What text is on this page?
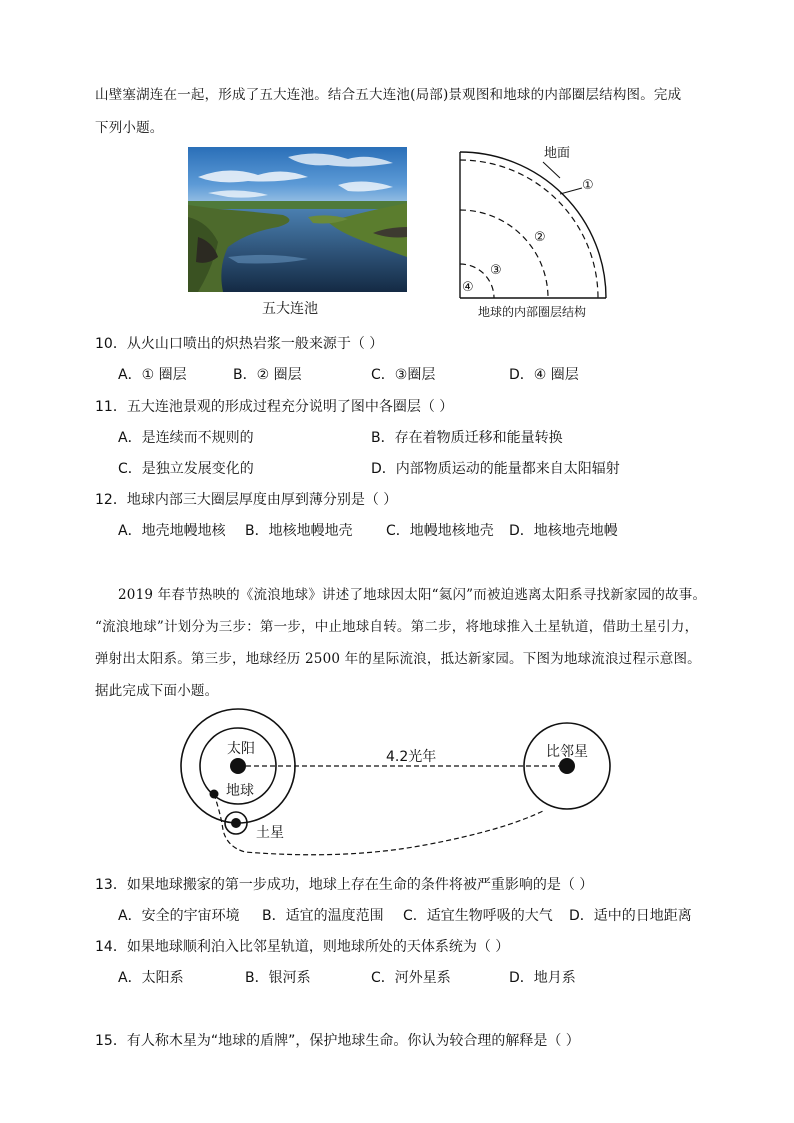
山壁塞湖连在一起，形成了五大连池。结合五大连池(局部)景观图和地球的内部圈层结构图。完成
下列小题。
五大连池
地面
①
②
③
④
地球的内部圈层结构
10．从火山口喷出的炽热岩浆一般来源于（ ）
A．① 圈层	B．② 圈层	C．③圈层	D．④ 圈层
11．五大连池景观的形成过程充分说明了图中各圈层（ ）
A．是连续而不规则的	B．存在着物质迁移和能量转换
C．是独立发展变化的	D．内部物质运动的能量都来自太阳辐射
12．地球内部三大圈层厚度由厚到薄分别是（ ）
A．地壳地幔地核 B．地核地幔地壳 C．地幔地核地壳 D．地核地壳地幔
2019 年春节热映的《流浪地球》讲述了地球因太阳“氦闪”而被迫逃离太阳系寻找新家园的故事。
“流浪地球”计划分为三步：第一步，中止地球自转。第二步，将地球推入土星轨道，借助土星引力，
弹射出太阳系。第三步，地球经历 2500 年的星际流浪，抵达新家园。下图为地球流浪过程示意图。
据此完成下面小题。
太阳
地球
土星
比邻星
4.2光年
13．如果地球搬家的第一步成功，地球上存在生命的条件将被严重影响的是（ ）
A．安全的宇宙环境 B．适宜的温度范围 C．适宜生物呼吸的大气 D．适中的日地距离
14．如果地球顺利泊入比邻星轨道，则地球所处的天体系统为（ ）
A．太阳系	B．银河系	C．河外星系	D．地月系
15．有人称木星为“地球的盾牌”，保护地球生命。你认为较合理的解释是（ ）
